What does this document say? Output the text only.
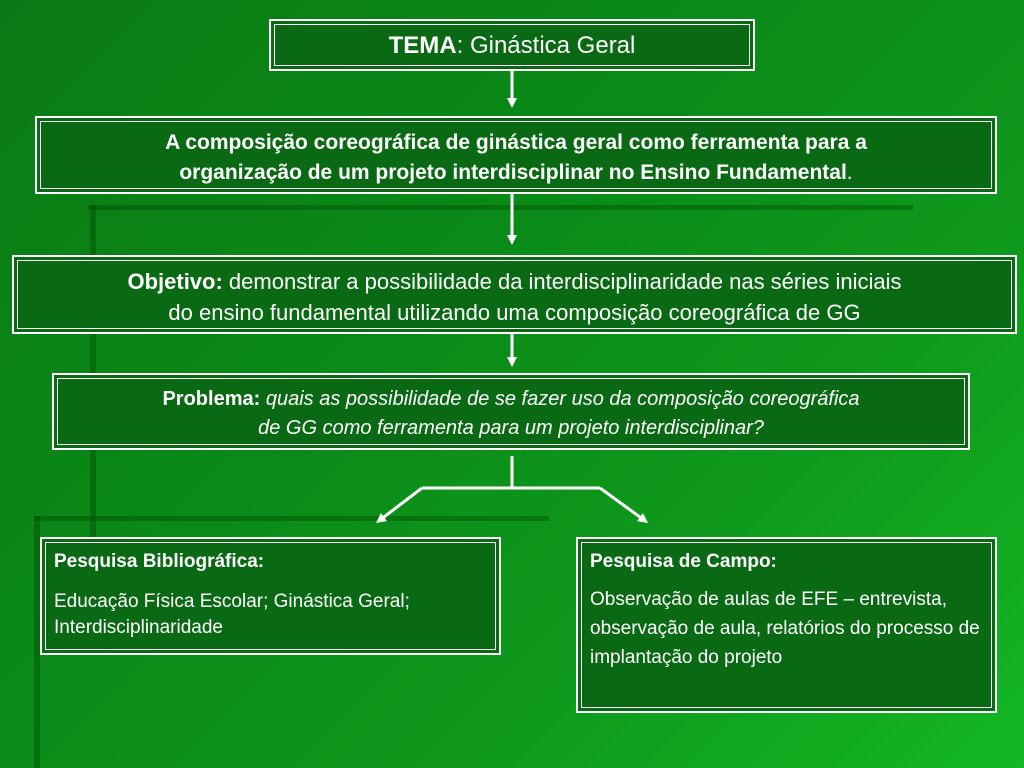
TEMA: Ginástica Geral
A composição coreográfica de ginástica geral como ferramenta para a
organização de um projeto interdisciplinar no Ensino Fundamental.
Objetivo: demonstrar a possibilidade da interdisciplinaridade nas séries iniciais
do ensino fundamental utilizando uma composição coreográfica de GG
Problema: quais as possibilidade de se fazer uso da composição coreográfica
de GG como ferramenta para um projeto interdisciplinar?
Pesquisa Bibliográfica:
Educação Física Escolar; Ginástica Geral; Interdisciplinaridade
Pesquisa de Campo:
Observação de aulas de EFE – entrevista, observação de aula, relatórios do processo de implantação do projeto
